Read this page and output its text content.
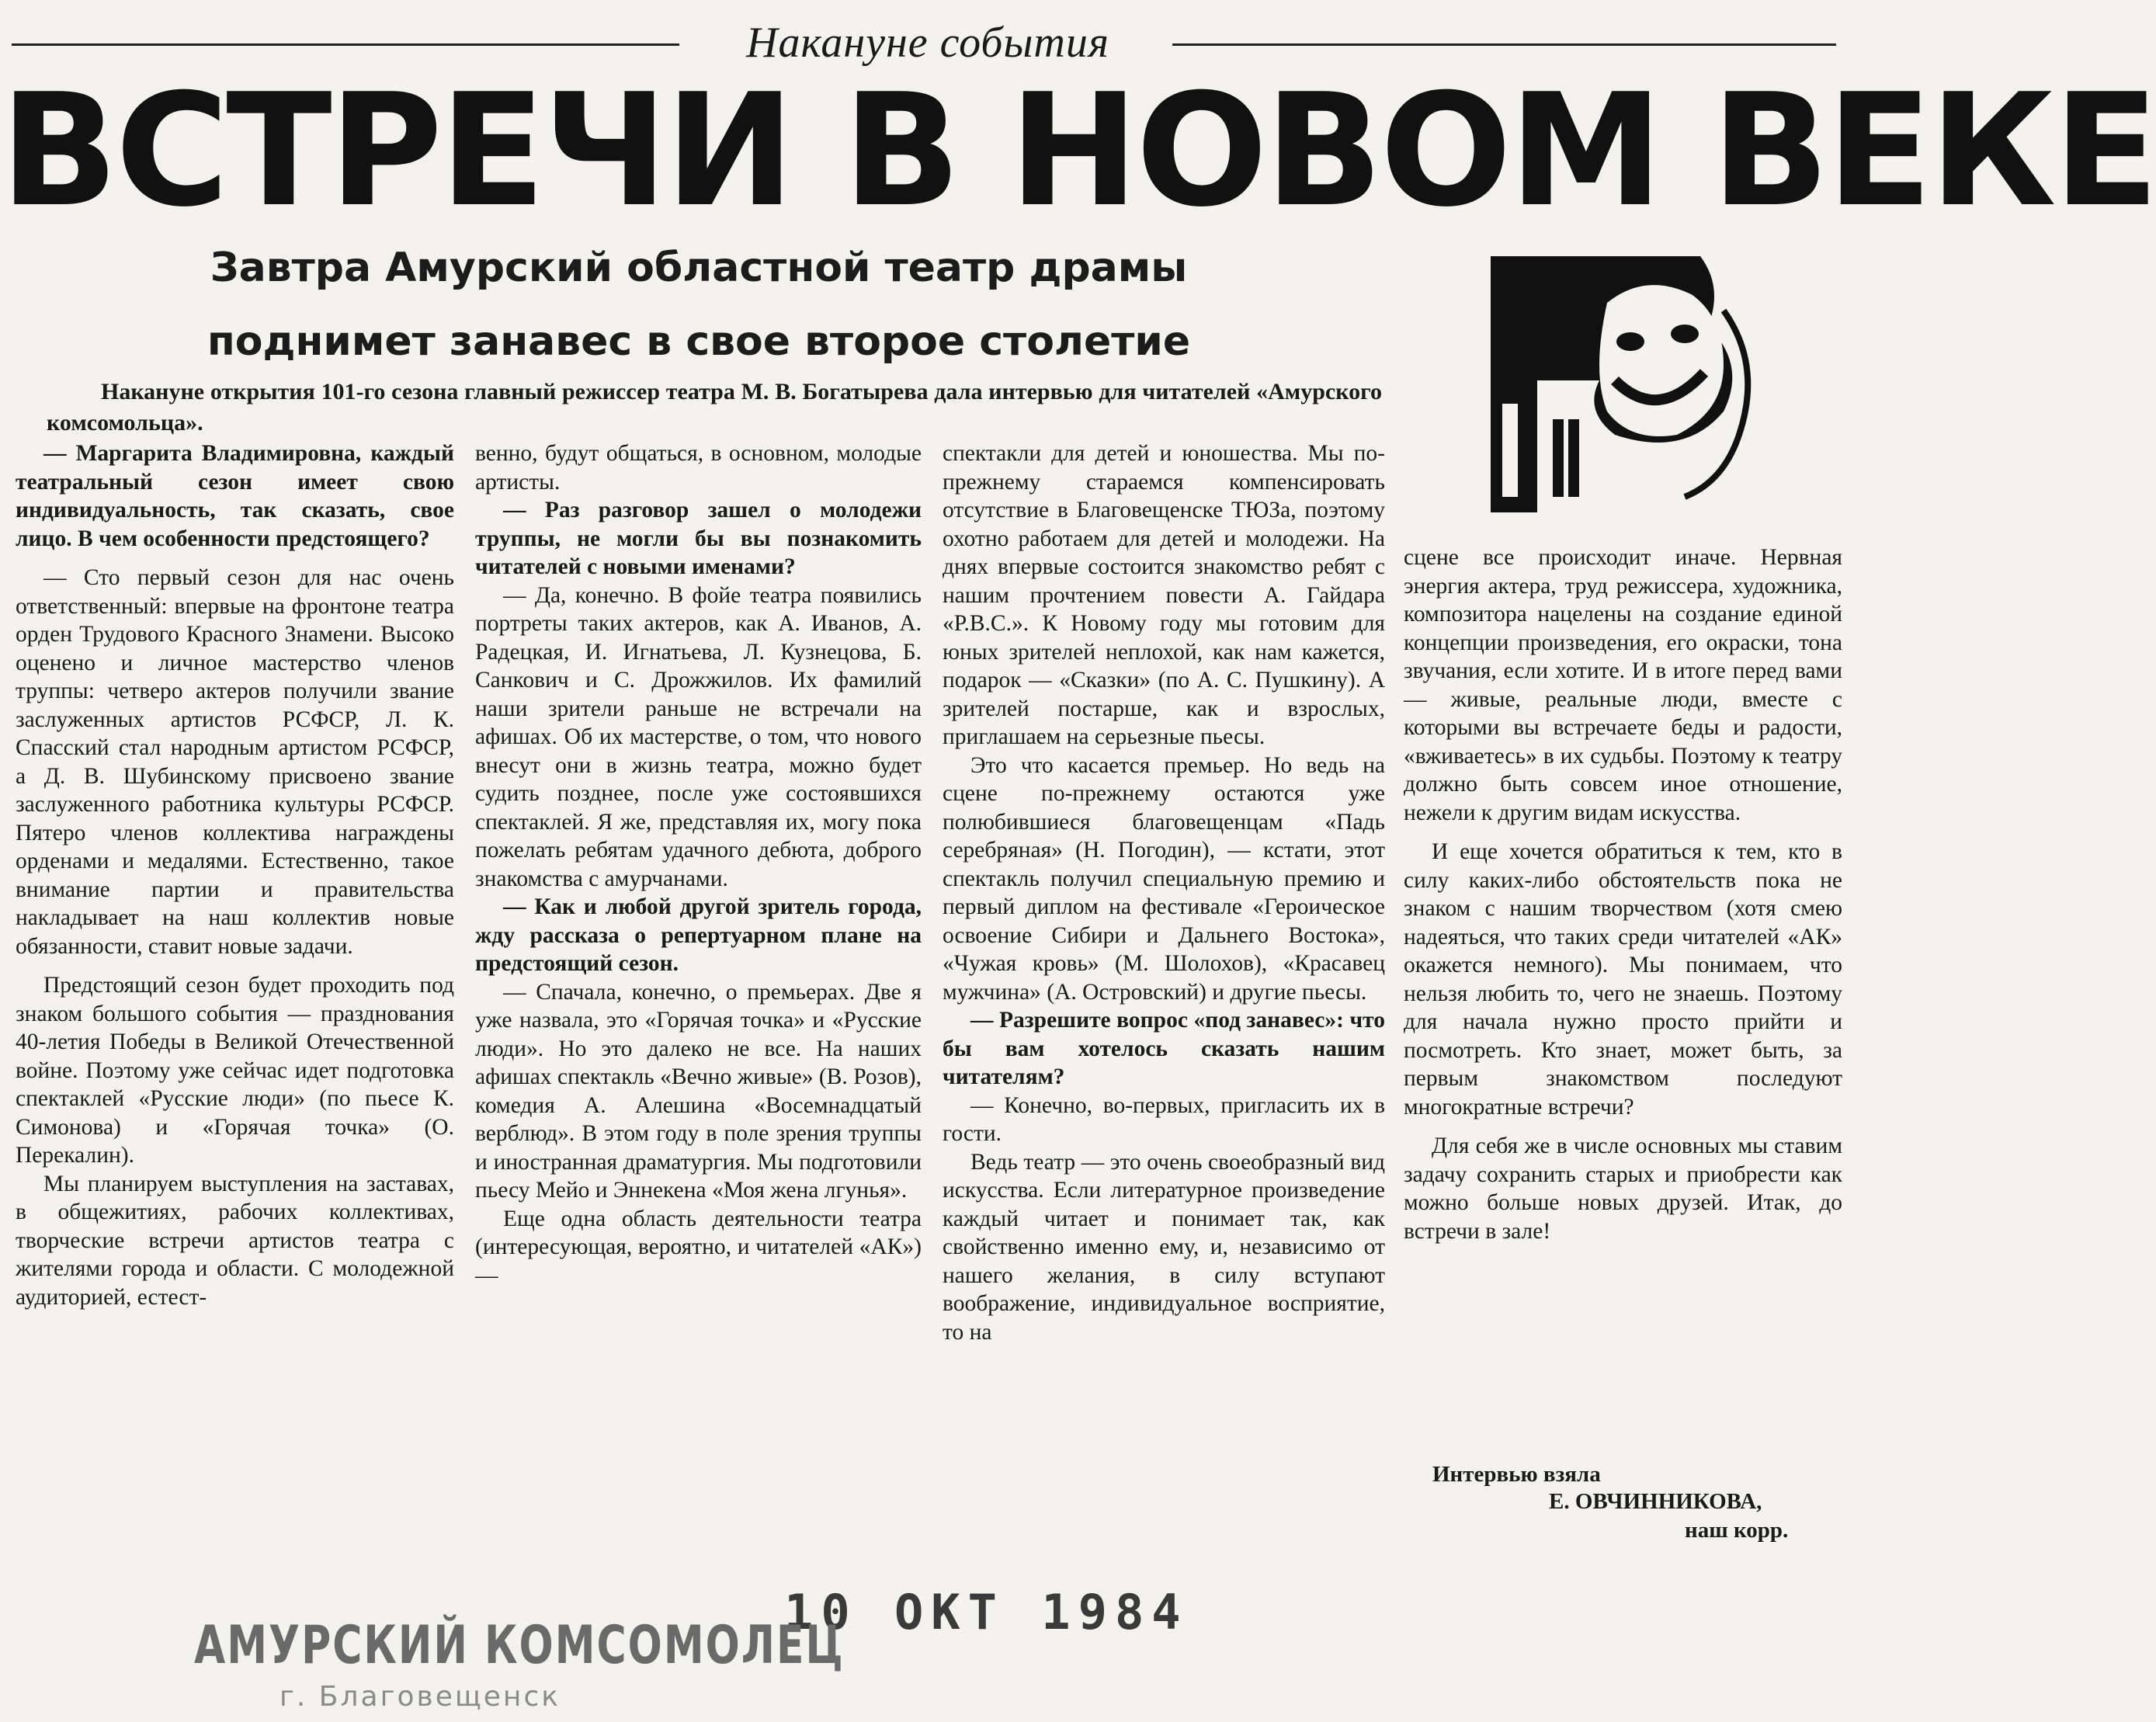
Накануне события
ВСТРЕЧИ В НОВОМ ВЕКЕ
Завтра Амурский областной театр драмы
поднимет занавес в свое второе столетие
Накануне открытия 101-го сезона главный режиссер театра М. В. Богатырева дала интервью для читателей «Амурского комсомольца».

— Маргарита Владимировна, каждый театральный сезон имеет свою индивидуальность, так сказать, свое лицо. В чем особенности предстоящего?

— Сто первый сезон для нас очень ответственный: впервые на фронтоне театра орден Трудового Красного Знамени. Высоко оценено и личное мастерство членов труппы: четверо актеров получили звание заслуженных артистов РСФСР, Л. К. Спасский стал народным артистом РСФСР, а Д. В. Шубинскому присвоено звание заслуженного работника культуры РСФСР. Пятеро членов коллектива награждены орденами и медалями. Естественно, такое внимание партии и правительства накладывает на наш коллектив новые обязанности, ставит новые задачи.

Предстоящий сезон будет проходить под знаком большого события — празднования 40-летия Победы в Великой Отечественной войне. Поэтому уже сейчас идет подготовка спектаклей «Русские люди» (по пьесе К. Симонова) и «Горячая точка» (О. Перекалин).

Мы планируем выступления на заставах, в общежитиях, рабочих коллективах, творческие встречи артистов театра с жителями города и области. С молодежной аудиторией, естест-

венно, будут общаться, в основном, молодые артисты.

— Раз разговор зашел о молодежи труппы, не могли бы вы познакомить читателей с новыми именами?

— Да, конечно. В фойе театра появились портреты таких актеров, как А. Иванов, А. Радецкая, И. Игнатьева, Л. Кузнецова, Б. Санкович и С. Дрожжилов. Их фамилий наши зрители раньше не встречали на афишах. Об их мастерстве, о том, что нового внесут они в жизнь театра, можно будет судить позднее, после уже состоявшихся спектаклей. Я же, представляя их, могу пока пожелать ребятам удачного дебюта, доброго знакомства с амурчанами.

— Как и любой другой зритель города, жду рассказа о репертуарном плане на предстоящий сезон.

— Спачала, конечно, о премьерах. Две я уже назвала, это «Горячая точка» и «Русские люди». Но это далеко не все. На наших афишах спектакль «Вечно живые» (В. Розов), комедия А. Алешина «Восемнадцатый верблюд». В этом году в поле зрения труппы и иностранная драматургия. Мы подготовили пьесу Мейо и Эннекена «Моя жена лгунья».

Еще одна область деятельности театра (интересующая, вероятно, и читателей «АК») —

спектакли для детей и юношества. Мы по-прежнему стараемся компенсировать отсутствие в Благовещенске ТЮЗа, поэтому охотно работаем для детей и молодежи. На днях впервые состоится знакомство ребят с нашим прочтением повести А. Гайдара «Р.В.С.». К Новому году мы готовим для юных зрителей неплохой, как нам кажется, подарок — «Сказки» (по А. С. Пушкину). А зрителей постарше, как и взрослых, приглашаем на серьезные пьесы.

Это что касается премьер. Но ведь на сцене по-прежнему остаются уже полюбившиеся благовещенцам «Падь серебряная» (Н. Погодин), — кстати, этот спектакль получил специальную премию и первый диплом на фестивале «Героическое освоение Сибири и Дальнего Востока», «Чужая кровь» (М. Шолохов), «Красавец мужчина» (А. Островский) и другие пьесы.

— Разрешите вопрос «под занавес»: что бы вам хотелось сказать нашим читателям?

— Конечно, во-первых, пригласить их в гости.

Ведь театр — это очень своеобразный вид искусства. Если литературное произведение каждый читает и понимает так, как свойственно именно ему, и, независимо от нашего желания, в силу вступают воображение, индивидуальное восприятие, то на

сцене все происходит иначе. Нервная энергия актера, труд режиссера, художника, композитора нацелены на создание единой концепции произведения, его окраски, тона звучания, если хотите. И в итоге перед вами — живые, реальные люди, вместе с которыми вы встречаете беды и радости, «вживаетесь» в их судьбы. Поэтому к театру должно быть совсем иное отношение, нежели к другим видам искусства.

И еще хочется обратиться к тем, кто в силу каких-либо обстоятельств пока не знаком с нашим творчеством (хотя смею надеяться, что таких среди читателей «АК» окажется немного). Мы понимаем, что нельзя любить то, чего не знаешь. Поэтому для начала нужно просто прийти и посмотреть. Кто знает, может быть, за первым знакомством последуют многократные встречи?

Для себя же в числе основных мы ставим задачу сохранить старых и приобрести как можно больше новых друзей. Итак, до встречи в зале!

Интервью взяла
Е. ОВЧИННИКОВА,
наш корр.
10 ОКТ 1984
АМУРСКИЙ КОМСОМОЛЕЦ
г. Благовещенск
